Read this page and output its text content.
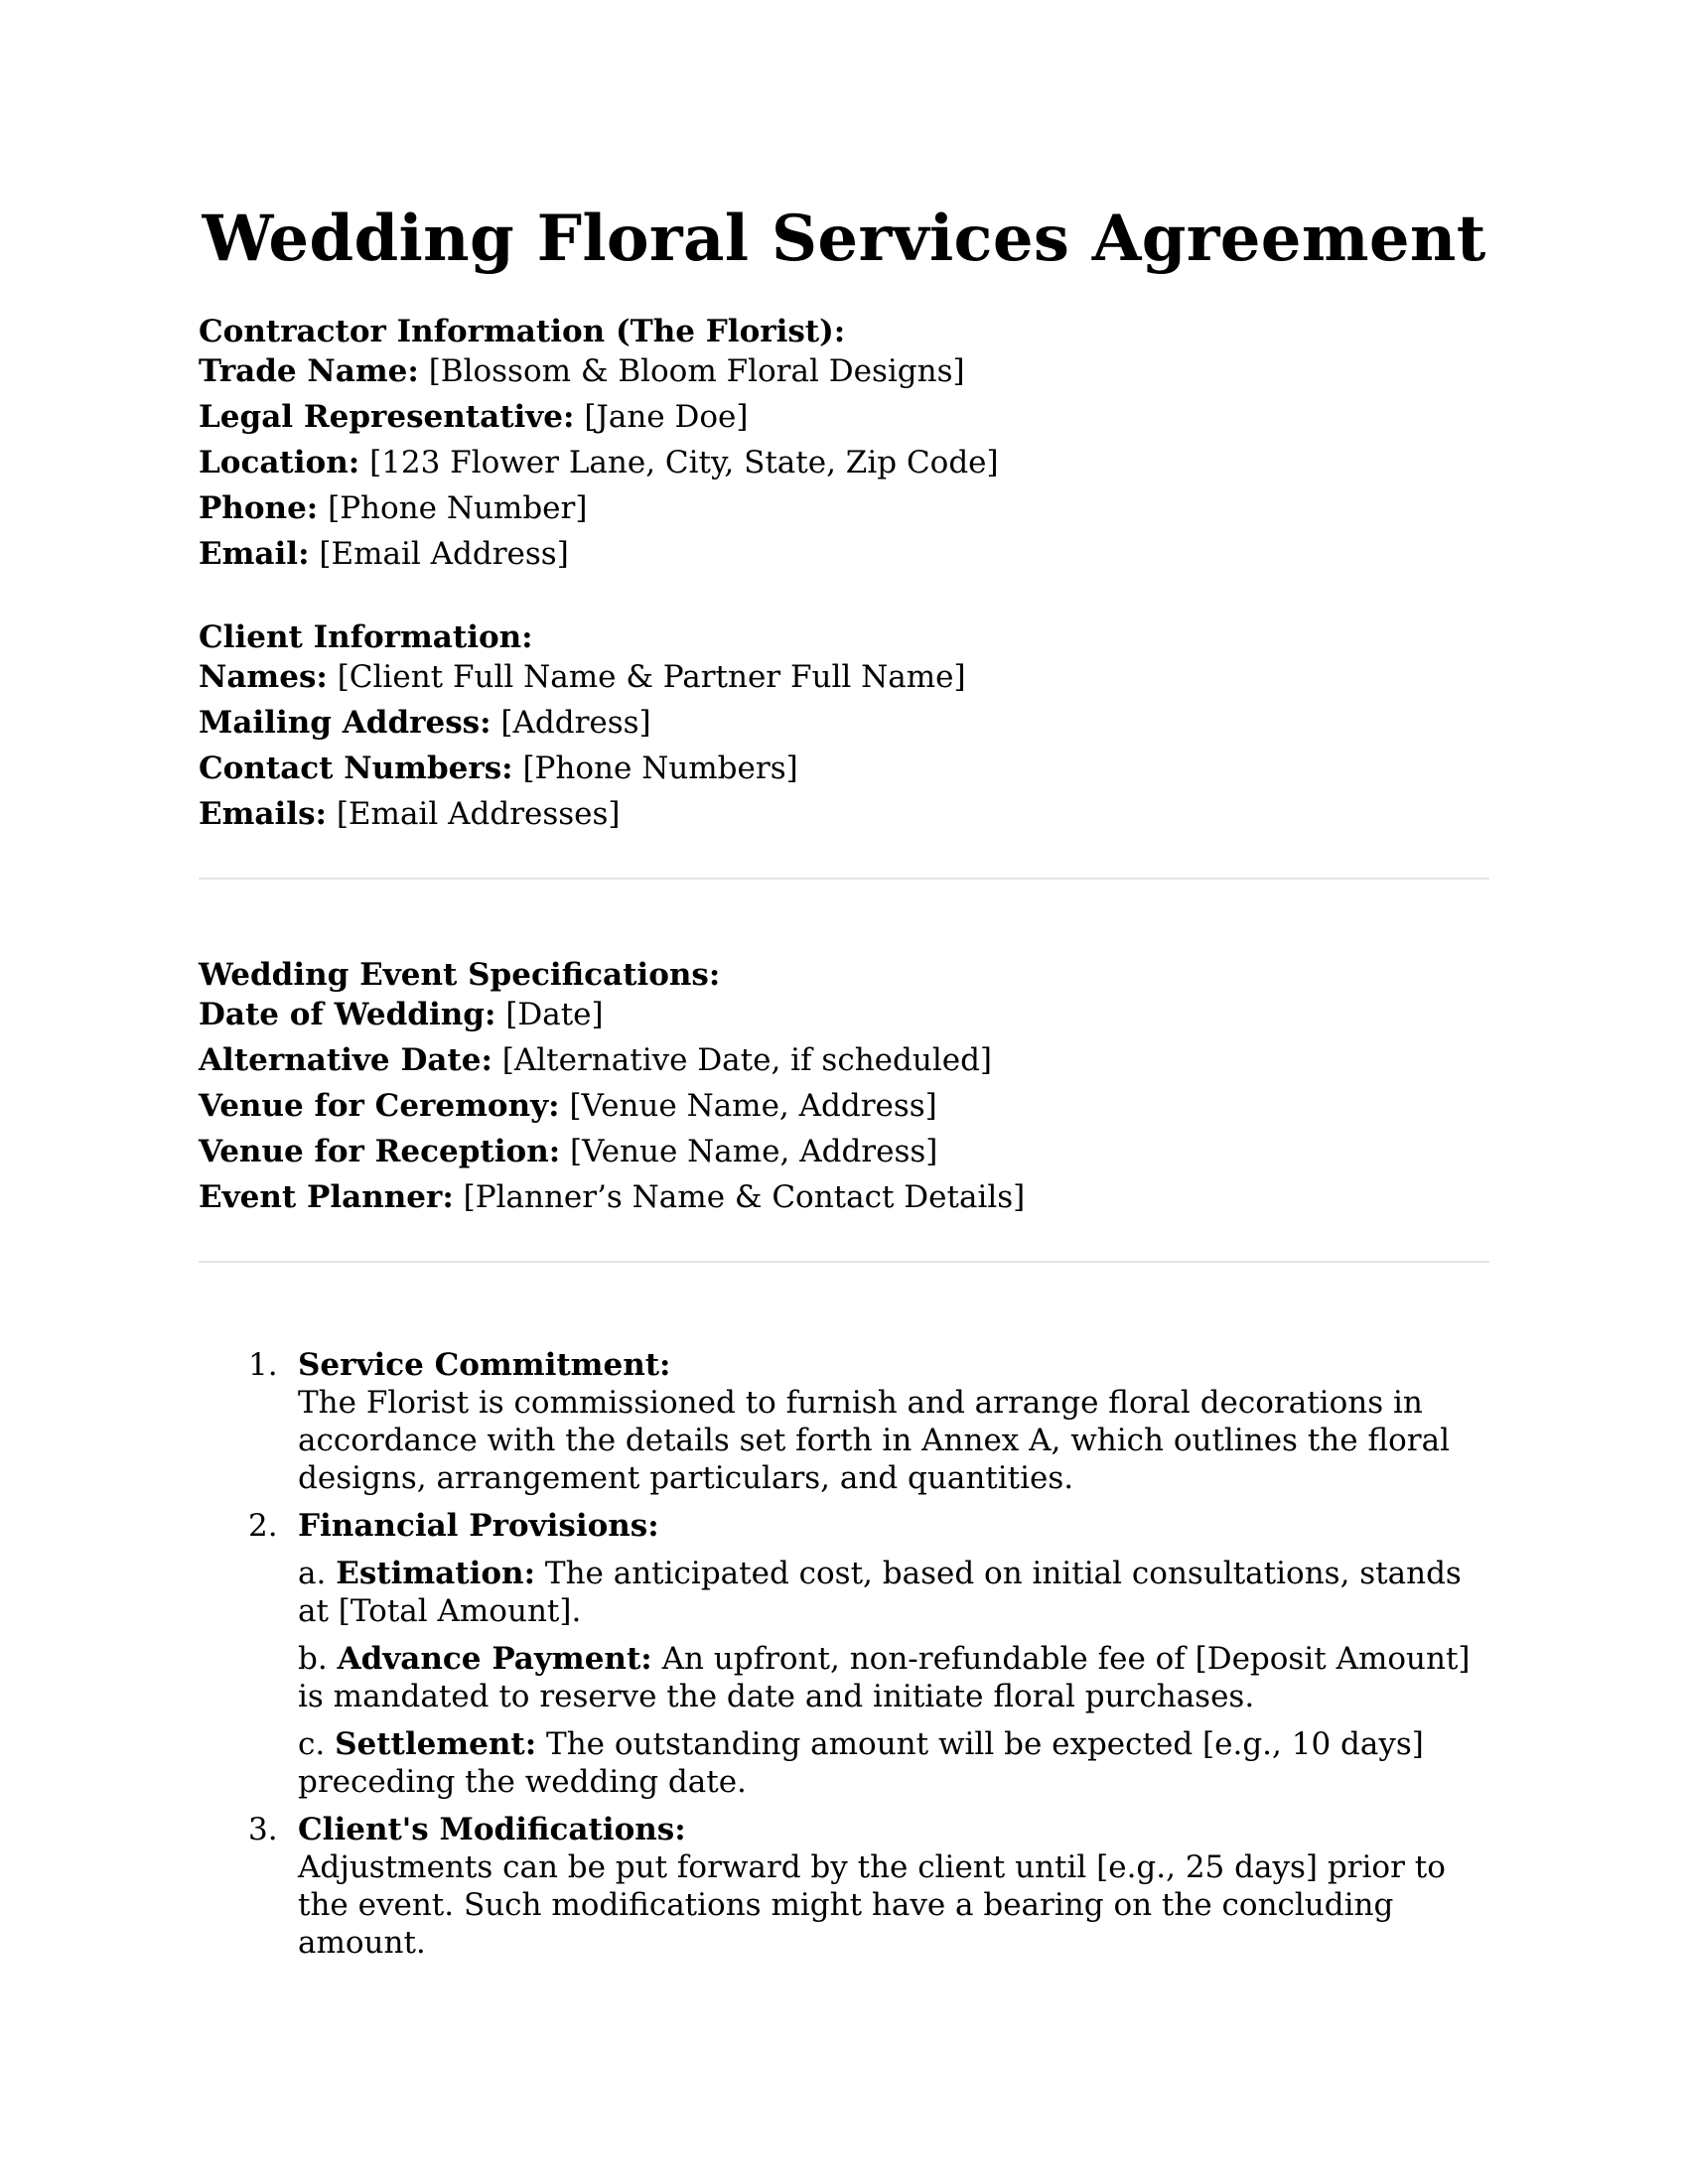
Wedding Floral Services Agreement

Contractor Information (The Florist):

Trade Name: [Blossom & Bloom Floral Designs]

Legal Representative: [Jane Doe]

Location: [123 Flower Lane, City, State, Zip Code]

Phone: [Phone Number]

Email: [Email Address]

Client Information:

Names: [Client Full Name & Partner Full Name]

Mailing Address: [Address]

Contact Numbers: [Phone Numbers]

Emails: [Email Addresses]

Wedding Event Specifications:

Date of Wedding: [Date]

Alternative Date: [Alternative Date, if scheduled]

Venue for Ceremony: [Venue Name, Address]

Venue for Reception: [Venue Name, Address]

Event Planner: [Planner’s Name & Contact Details]

1. Service Commitment:
The Florist is commissioned to furnish and arrange floral decorations in accordance with the details set forth in Annex A, which outlines the floral designs, arrangement particulars, and quantities.
2. Financial Provisions:
a. Estimation: The anticipated cost, based on initial consultations, stands at [Total Amount].
b. Advance Payment: An upfront, non-refundable fee of [Deposit Amount] is mandated to reserve the date and initiate floral purchases.
c. Settlement: The outstanding amount will be expected [e.g., 10 days] preceding the wedding date.
3. Client's Modifications:
Adjustments can be put forward by the client until [e.g., 25 days] prior to the event. Such modifications might have a bearing on the concluding amount.
